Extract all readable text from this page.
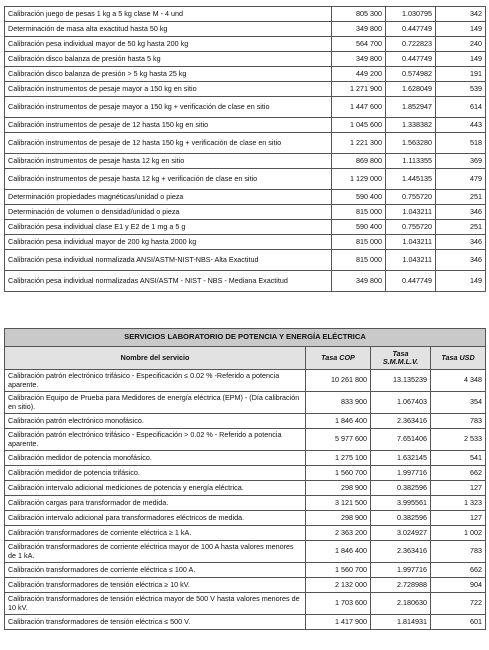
Calibración juego de pesas 1 kg a 5 kg clase M - 4 und	805 300	1.030795	342
Determinación de masa alta exactitud hasta 50 kg	349 800	0.447749	149
Calibración pesa individual mayor de 50 kg hasta 200 kg	564 700	0.722823	240
Calibración disco balanza de presión hasta 5 kg	349 800	0.447749	149
Calibración disco balanza de presión > 5 kg hasta 25 kg	449 200	0.574982	191
Calibración instrumentos de pesaje mayor a 150 kg en sitio	1 271 900	1.628049	539
Calibración instrumentos de pesaje mayor a 150 kg + verificación de clase en sitio	1 447 600	1.852947	614
Calibración instrumentos de pesaje de 12 hasta 150 kg en sitio	1 045 600	1.338382	443
Calibración instrumentos de pesaje de 12 hasta 150 kg + verificación de clase en sitio	1 221 300	1.563280	518
Calibración instrumentos de pesaje hasta 12 kg en sitio	869 800	1.113355	369
Calibración instrumentos de pesaje hasta 12 kg + verificación de clase en sitio	1 129 000	1.445135	479
Determinación propiedades magnéticas/unidad o pieza	590 400	0.755720	251
Determinación de volumen o densidad/unidad o pieza	815 000	1.043211	346
Calibración pesa individual clase E1 y E2 de 1 mg a 5 g	590 400	0.755720	251
Calibración pesa individual mayor de 200 kg hasta 2000 kg	815 000	1.043211	346
Calibración pesa individual normalizada ANSI/ASTM-NIST-NBS- Alta Exactitud	815 000	1.043211	346
Calibración pesa individual normalizadas ANSI/ASTM - NIST - NBS - Mediana Exactitud	349 800	0.447749	149
SERVICIOS LABORATORIO DE POTENCIA Y ENERGÍA ELÉCTRICA			
Nombre del servicio	Tasa COP	Tasa S.M.M.L.V.	Tasa USD
Calibración patrón electrónico trifásico - Especificación ≤ 0.02 % -Referido a potencia aparente.	10 261 800	13.135239	4 348
Calibración Equipo de Prueba para Medidores de energía eléctrica (EPM) - (Día calibración en sitio).	833 900	1.067403	354
Calibración patrón electrónico monofásico.	1 846 400	2.363416	783
Calibración patrón electrónico trifásico - Especificación > 0.02 % - Referido a potencia aparente.	5 977 600	7.651406	2 533
Calibración medidor de potencia monofásico.	1 275 100	1.632145	541
Calibración medidor de potencia trifásico.	1 560 700	1.997716	662
Calibración intervalo adicional mediciones de potencia y energía eléctrica.	298 900	0.382596	127
Calibración cargas para transformador de medida.	3 121 500	3.995561	1 323
Calibración intervalo adicional para transformadores eléctricos de medida.	298 900	0.382596	127
Calibración transformadores de corriente eléctrica ≥ 1 kA.	2 363 200	3.024927	1 002
Calibración transformadores de corriente eléctrica mayor de 100 A hasta valores menores de 1 kA.	1 846 400	2.363416	783
Calibración transformadores de corriente eléctrica ≤ 100 A.	1 560 700	1.997716	662
Calibración transformadores de tensión eléctrica ≥ 10 kV.	2 132 000	2.728988	904
Calibración transformadores de tensión eléctrica mayor de 500 V hasta valores menores de 10 kV.	1 703 600	2.180630	722
Calibración transformadores de tensión eléctrica ≤ 500 V.	1 417 900	1.814931	601
